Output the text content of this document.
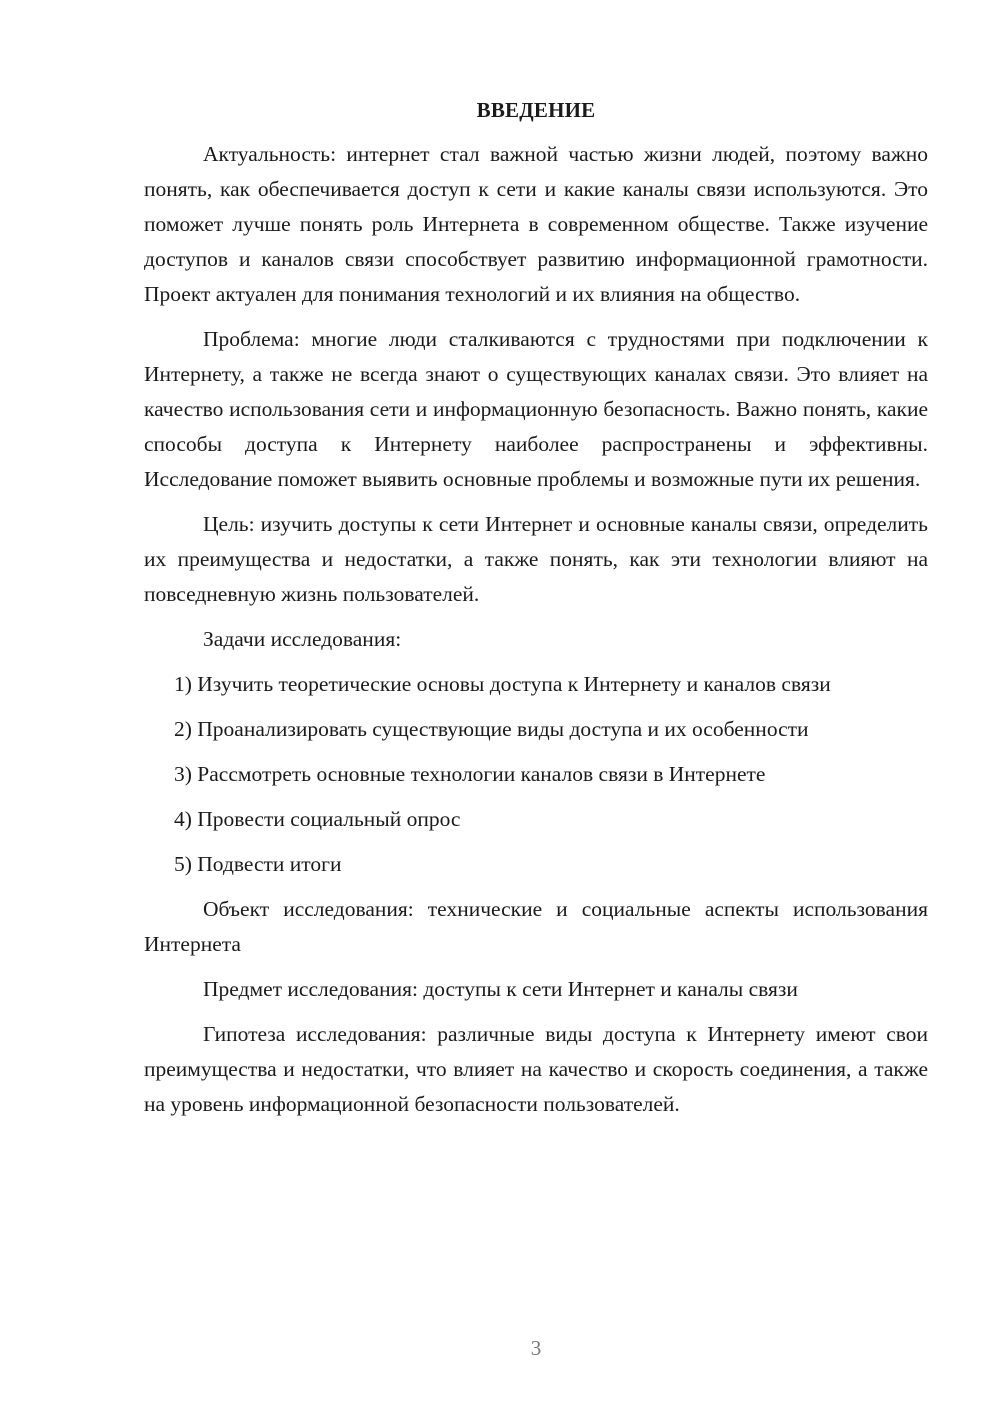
ВВЕДЕНИЕ

Актуальность: интернет стал важной частью жизни людей, поэтому важно понять, как обеспечивается доступ к сети и какие каналы связи используются. Это поможет лучше понять роль Интернета в современном обществе. Также изучение доступов и каналов связи способствует развитию информационной грамотности. Проект актуален для понимания технологий и их влияния на общество.

Проблема: многие люди сталкиваются с трудностями при подключении к Интернету, а также не всегда знают о существующих каналах связи. Это влияет на качество использования сети и информационную безопасность. Важно понять, какие способы доступа к Интернету наиболее распространены и эффективны. Исследование поможет выявить основные проблемы и возможные пути их решения.

Цель: изучить доступы к сети Интернет и основные каналы связи, определить их преимущества и недостатки, а также понять, как эти технологии влияют на повседневную жизнь пользователей.

Задачи исследования:

1) Изучить теоретические основы доступа к Интернету и каналов связи

2) Проанализировать существующие виды доступа и их особенности

3) Рассмотреть основные технологии каналов связи в Интернете

4) Провести социальный опрос

5) Подвести итоги

Объект исследования: технические и социальные аспекты использования Интернета

Предмет исследования: доступы к сети Интернет и каналы связи

Гипотеза исследования: различные виды доступа к Интернету имеют свои преимущества и недостатки, что влияет на качество и скорость соединения, а также на уровень информационной безопасности пользователей.

3
